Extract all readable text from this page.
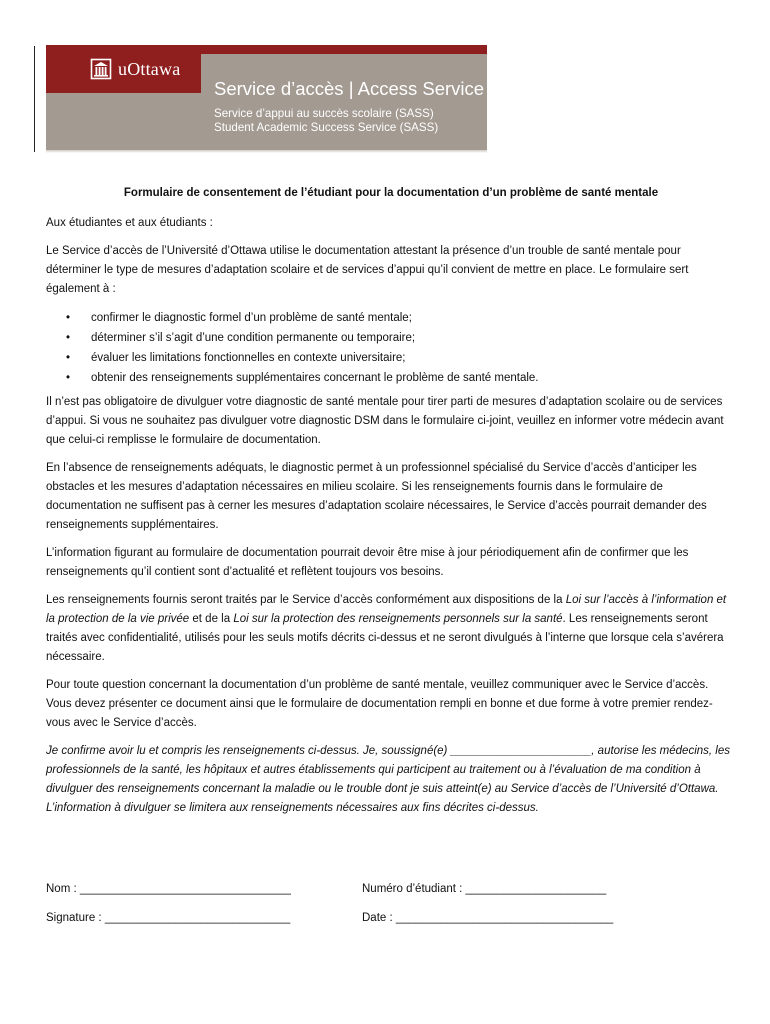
uOttawa
Service d’accès | Access Service
Service d’appui au succès scolaire (SASS)
Student Academic Success Service (SASS)
Formulaire de consentement de l’étudiant pour la documentation d’un problème de santé mentale

Aux étudiantes et aux étudiants :

Le Service d’accès de l’Université d’Ottawa utilise le documentation attestant la présence d’un trouble de santé mentale pour déterminer le type de mesures d’adaptation scolaire et de services d’appui qu’il convient de mettre en place. Le formulaire sert également à :

• confirmer le diagnostic formel d’un problème de santé mentale;
• déterminer s’il s’agit d’une condition permanente ou temporaire;
• évaluer les limitations fonctionnelles en contexte universitaire;
• obtenir des renseignements supplémentaires concernant le problème de santé mentale.

Il n’est pas obligatoire de divulguer votre diagnostic de santé mentale pour tirer parti de mesures d’adaptation scolaire ou de services d’appui. Si vous ne souhaitez pas divulguer votre diagnostic DSM dans le formulaire ci-joint, veuillez en informer votre médecin avant que celui-ci remplisse le formulaire de documentation.

En l’absence de renseignements adéquats, le diagnostic permet à un professionnel spécialisé du Service d’accès d’anticiper les obstacles et les mesures d’adaptation nécessaires en milieu scolaire. Si les renseignements fournis dans le formulaire de documentation ne suffisent pas à cerner les mesures d’adaptation scolaire nécessaires, le Service d’accès pourrait demander des renseignements supplémentaires.

L’information figurant au formulaire de documentation pourrait devoir être mise à jour périodiquement afin de confirmer que les renseignements qu’il contient sont d’actualité et reflètent toujours vos besoins.

Les renseignements fournis seront traités par le Service d’accès conformément aux dispositions de la Loi sur l’accès à l’information et la protection de la vie privée et de la Loi sur la protection des renseignements personnels sur la santé. Les renseignements seront traités avec confidentialité, utilisés pour les seuls motifs décrits ci-dessus et ne seront divulgués à l’interne que lorsque cela s’avérera nécessaire.

Pour toute question concernant la documentation d’un problème de santé mentale, veuillez communiquer avec le Service d’accès. Vous devez présenter ce document ainsi que le formulaire de documentation rempli en bonne et due forme à votre premier rendez-vous avec le Service d’accès.

Je confirme avoir lu et compris les renseignements ci-dessus. Je, soussigné(e) ______________________, autorise les médecins, les professionnels de la santé, les hôpitaux et autres établissements qui participent au traitement ou à l’évaluation de ma condition à divulguer des renseignements concernant la maladie ou le trouble dont je suis atteint(e) au Service d’accès de l’Université d’Ottawa. L’information à divulguer se limitera aux renseignements nécessaires aux fins décrites ci-dessus.

Nom : _________________________________	Numéro d’étudiant : ______________________
Signature : _____________________________	Date : __________________________________
